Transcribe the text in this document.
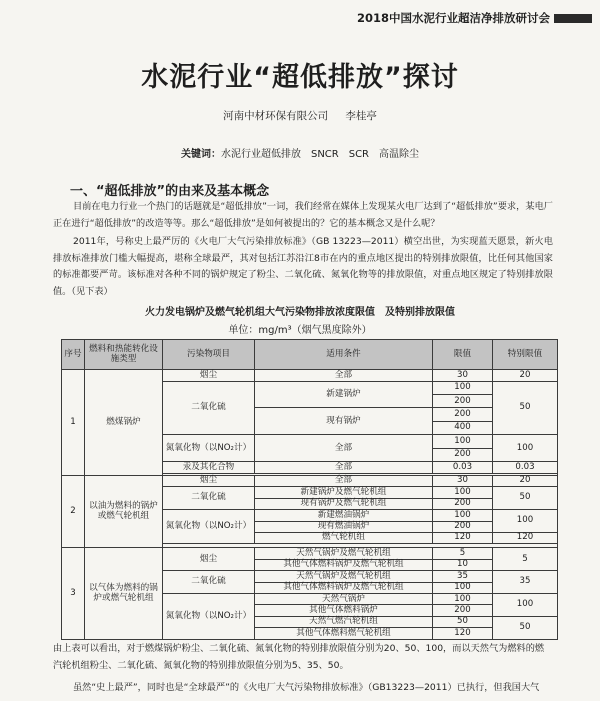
2018中国水泥行业超洁净排放研讨会
水泥行业“超低排放”探讨
河南中材环保有限公司 李桂亭
关键词：水泥行业超低排放　SNCR　SCR　高温除尘
一、“超低排放”的由来及基本概念
目前在电力行业一个热门的话题就是“超低排放”一词，我们经常在媒体上发现某火电厂达到了“超低排放”要求，某电厂正在进行“超低排放”的改造等等。那么“超低排放”是如何被提出的？它的基本概念又是什么呢？
2011年，号称史上最严厉的《火电厂大气污染排放标准》（GB 13223—2011）横空出世，为实现蓝天愿景，新火电排放标准排放门槛大幅提高，堪称全球最严，其对包括江苏沿江8市在内的重点地区提出的特别排放限值，比任何其他国家的标准都要严苛。该标准对各种不同的锅炉规定了粉尘、二氧化硫、氮氧化物等的排放限值，对重点地区规定了特别排放限值。（见下表）
火力发电锅炉及燃气轮机组大气污染物排放浓度限值　及特别排放限值
单位：mg/m³（烟气黑度除外）
序号	燃料和热能转化设施类型	污染物项目	适用条件	限值	特别限值
1	燃煤锅炉	烟尘	全部	30	20
		二氧化硫	新建锅炉	100	50
				200	
			现有锅炉	200	
				400	
		氮氧化物（以NO₂计）	全部	100	100
				200	
		汞及其化合物	全部	0.03	0.03

2	以油为燃料的锅炉或燃气轮机组	烟尘	全部	30	20
		二氧化硫	新建锅炉及燃气轮机组	100	50
			现有锅炉及燃气轮机组	200	
		氮氧化物（以NO₂计）	新建燃油锅炉	100	100
			现有燃油锅炉	200	
			燃气轮机组	120	120

3	以气体为燃料的锅炉或燃气轮机组	烟尘	天然气锅炉及燃气轮机组	5	5
			其他气体燃料锅炉及燃气轮机组	10	
		二氧化硫	天然气锅炉及燃气轮机组	35	35
			其他气体燃料锅炉及燃气轮机组	100	
		氮氧化物（以NO₂计）	天然气锅炉	100	100
			其他气体燃料锅炉	200	
			天然气燃汽轮机组	50	50
			其他气体燃料燃气轮机组	120	
由上表可以看出，对于燃煤锅炉粉尘、二氧化硫、氮氧化物的特别排放限值分别为20、50、100，而以天然气为燃料的燃汽轮机组粉尘、二氧化硫、氮氧化物的特别排放限值分别为5、35、50。
虽然“史上最严”，同时也是“全球最严”的《火电厂大气污染物排放标准》（GB13223—2011）已执行，但我国大气
